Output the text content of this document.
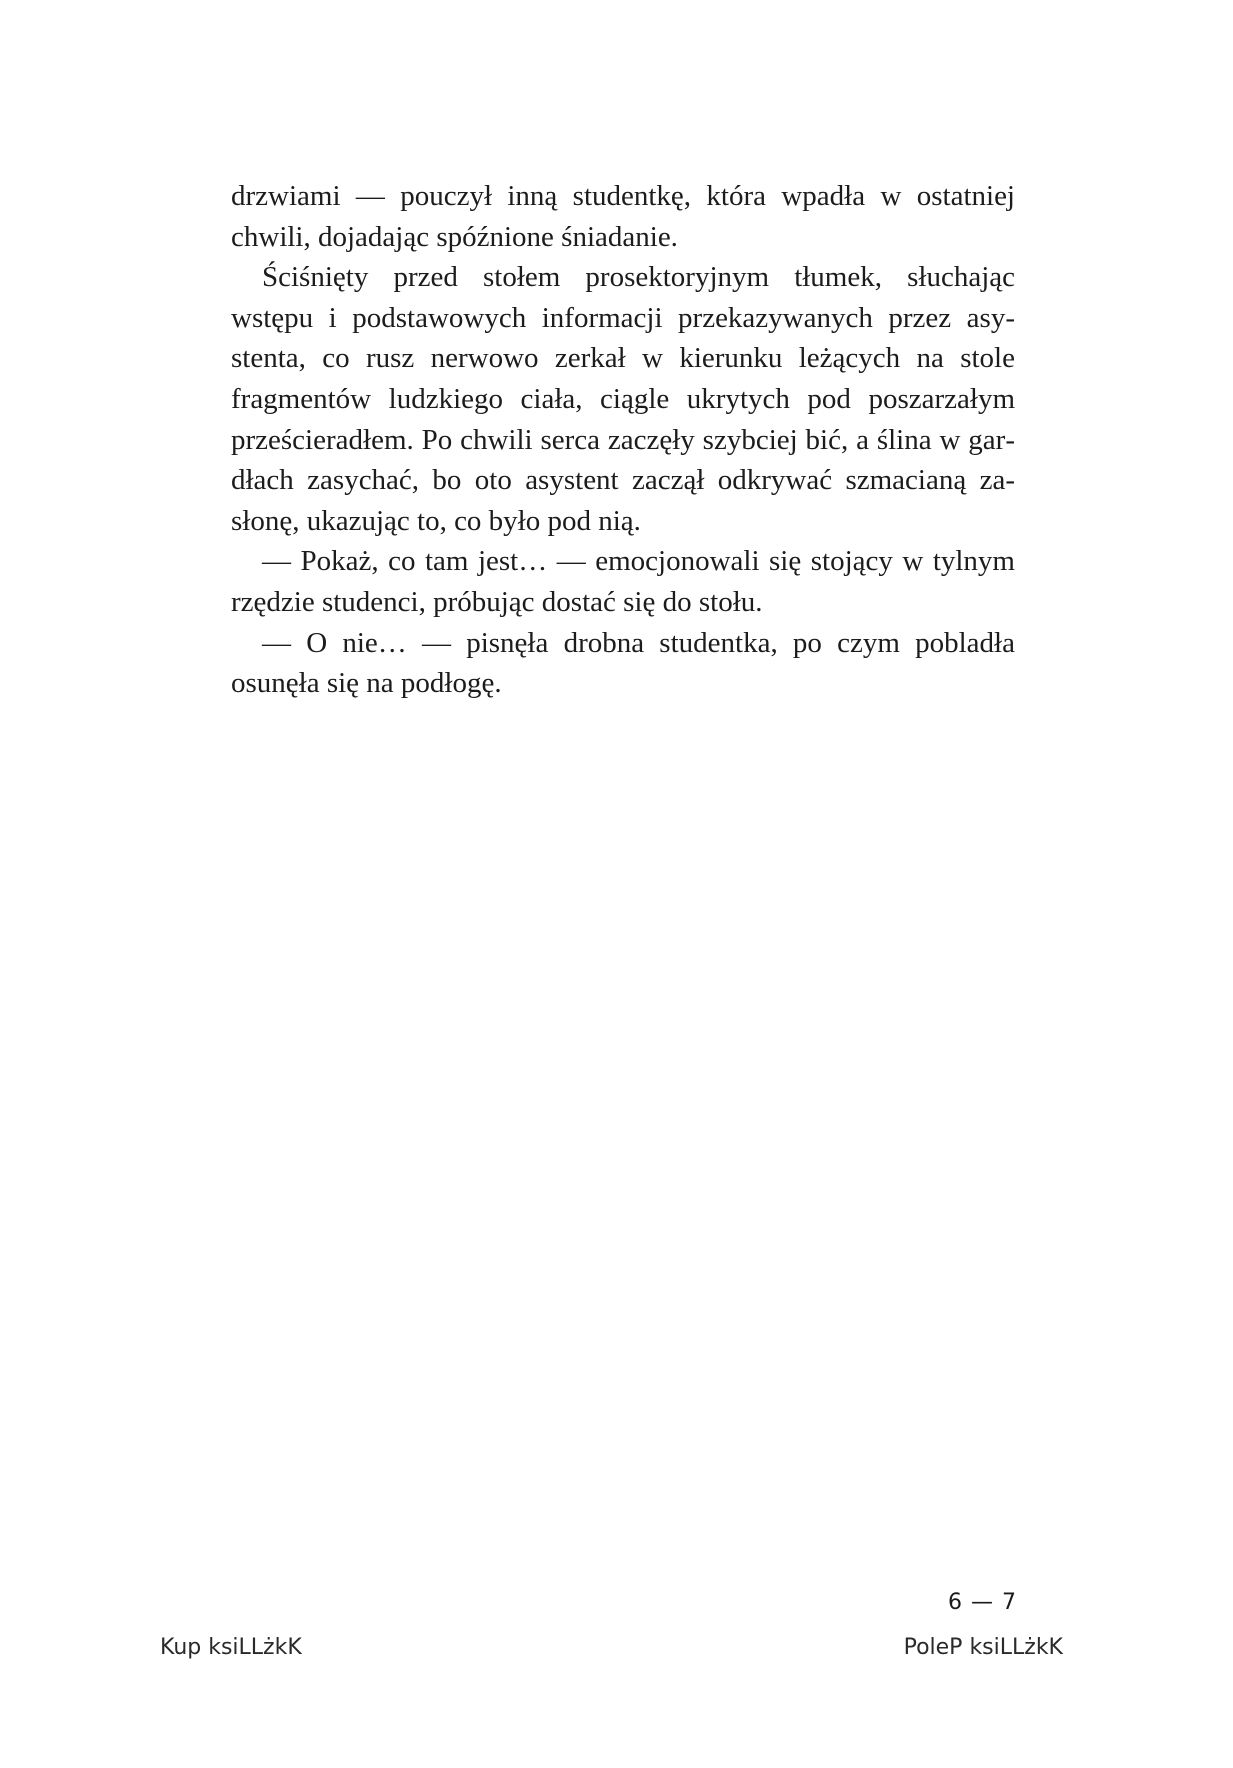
drzwiami — pouczył inną studentkę, która wpadła w ostatniej chwili, dojadając spóźnione śniadanie.

Ściśnięty przed stołem prosektoryjnym tłumek, słuchając wstępu i podstawowych informacji przekazywanych przez asystenta, co rusz nerwowo zerkał w kierunku leżących na stole fragmentów ludzkiego ciała, ciągle ukrytych pod poszarzałym prześcieradłem. Po chwili serca zaczęły szybciej bić, a ślina w gardłach zasychać, bo oto asystent zaczął odkrywać szmacianą zasłonę, ukazując to, co było pod nią.

— Pokaż, co tam jest… — emocjonowali się stojący w tylnym rzędzie studenci, próbując dostać się do stołu.

— O nie… — pisnęła drobna studentka, po czym pobladła osunęła się na podłogę.

6 — 7
Kup ksiLLżkK	PoleP ksiLLżkK
